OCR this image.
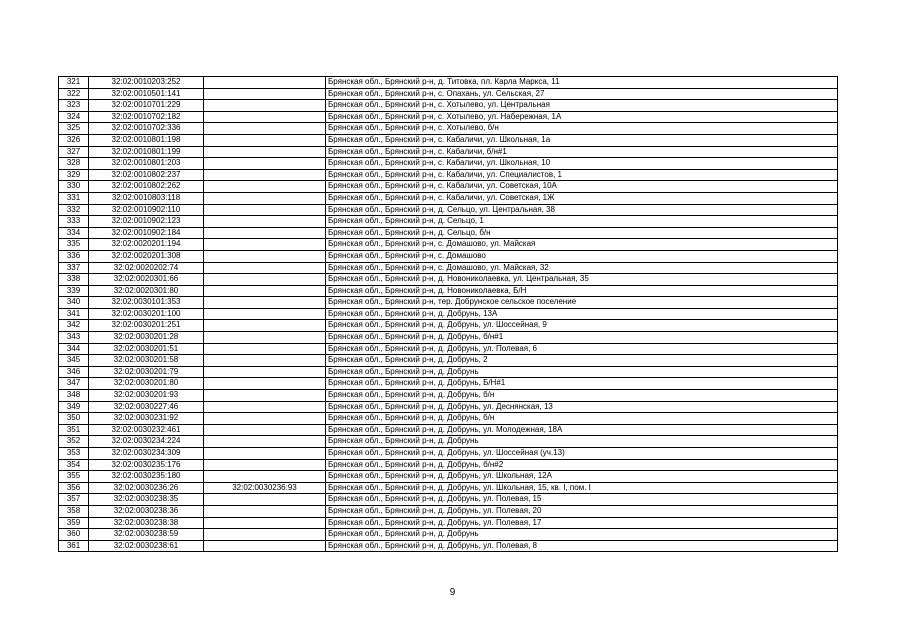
321	32:02:0010203:252		Брянская обл., Брянский р-н, д. Титовка, пл. Карла Маркса, 11
322	32:02:0010501:141		Брянская обл., Брянский р-н, с. Опахань, ул. Сельская, 27
323	32:02:0010701:229		Брянская обл., Брянский р-н, с. Хотылево, ул. Центральная
324	32:02:0010702:182		Брянская обл., Брянский р-н, с. Хотылево, ул. Набережная, 1А
325	32:02:0010702:336		Брянская обл., Брянский р-н, с. Хотылево, б/н
326	32:02:0010801:198		Брянская обл., Брянский р-н, с. Кабаличи, ул. Школьная, 1а
327	32:02:0010801:199		Брянская обл., Брянский р-н, с. Кабаличи, б/н#1
328	32:02:0010801:203		Брянская обл., Брянский р-н, с. Кабаличи, ул. Школьная, 10
329	32:02:0010802:237		Брянская обл., Брянский р-н, с. Кабаличи, ул. Специалистов, 1
330	32:02:0010802:262		Брянская обл., Брянский р-н, с. Кабаличи, ул. Советская, 10А
331	32:02:0010803:118		Брянская обл., Брянский р-н, с. Кабаличи, ул. Советская, 1Ж
332	32:02:0010902:110		Брянская обл., Брянский р-н, д. Сельцо, ул. Центральная, 38
333	32:02:0010902:123		Брянская обл., Брянский р-н, д. Сельцо, 1
334	32:02:0010902:184		Брянская обл., Брянский р-н, д. Сельцо, б/н
335	32:02:0020201:194		Брянская обл., Брянский р-н, с. Домашово, ул. Майская
336	32:02:0020201:308		Брянская обл., Брянский р-н, с. Домашово
337	32:02:0020202:74		Брянская обл., Брянский р-н, с. Домашово, ул. Майская, 32
338	32:02:0020301:66		Брянская обл., Брянский р-н, д. Новониколаевка, ул. Центральная, 35
339	32:02:0020301:80		Брянская обл., Брянский р-н, д. Новониколаевка, Б/Н
340	32:02:0030101:353		Брянская обл., Брянский р-н, тер. Добрунское сельское поселение
341	32:02:0030201:100		Брянская обл., Брянский р-н, д. Добрунь, 13А
342	32:02:0030201:251		Брянская обл., Брянский р-н, д. Добрунь, ул. Шоссейная, 9
343	32:02:0030201:28		Брянская обл., Брянский р-н, д. Добрунь, б/н#1
344	32:02:0030201:51		Брянская обл., Брянский р-н, д. Добрунь, ул. Полевая, 6
345	32:02:0030201:58		Брянская обл., Брянский р-н, д. Добрунь, 2
346	32:02:0030201:79		Брянская обл., Брянский р-н, д. Добрунь
347	32:02:0030201:80		Брянская обл., Брянский р-н, д. Добрунь, Б/Н#1
348	32:02:0030201:93		Брянская обл., Брянский р-н, д. Добрунь, б/н
349	32:02:0030227:46		Брянская обл., Брянский р-н, д. Добрунь, ул. Деснянская, 13
350	32:02:0030231:92		Брянская обл., Брянский р-н, д. Добрунь, б/н
351	32:02:0030232:461		Брянская обл., Брянский р-н, д. Добрунь, ул. Молодежная, 18А
352	32:02:0030234:224		Брянская обл., Брянский р-н, д. Добрунь
353	32:02:0030234:309		Брянская обл., Брянский р-н, д. Добрунь, ул. Шоссейная (уч.13)
354	32:02:0030235:176		Брянская обл., Брянский р-н, д. Добрунь, б/н#2
355	32:02:0030235:180		Брянская обл., Брянский р-н, д. Добрунь, ул. Школьная, 12А
356	32:02:0030236:26	32:02:0030236:93	Брянская обл., Брянский р-н, д. Добрунь, ул. Школьная, 15, кв. I, пом. I
357	32:02:0030238:35		Брянская обл., Брянский р-н, д. Добрунь, ул. Полевая, 15
358	32:02:0030238:36		Брянская обл., Брянский р-н, д. Добрунь, ул. Полевая, 20
359	32:02:0030238:38		Брянская обл., Брянский р-н, д. Добрунь, ул. Полевая, 17
360	32:02:0030238:59		Брянская обл., Брянский р-н, д. Добрунь
361	32:02:0030238:61		Брянская обл., Брянский р-н, д. Добрунь, ул. Полевая, 8
9
